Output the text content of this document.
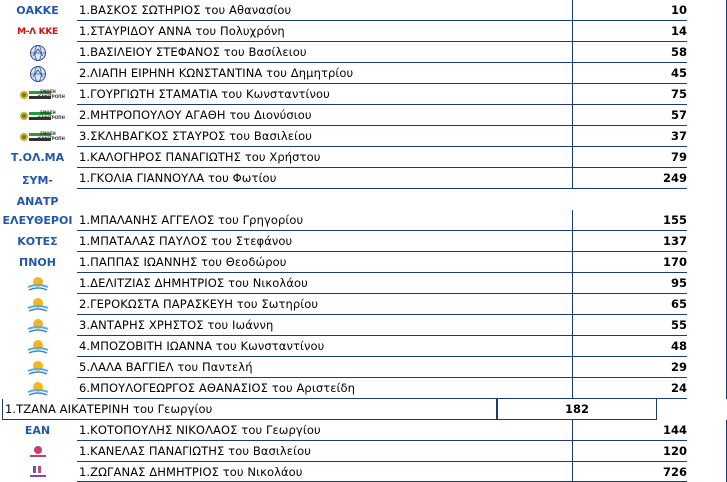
ΟΑΚΚΕ	1.ΒΑΣΚΟΣ ΣΩΤΗΡΙΟΣ του Αθανασίου	10
Μ-Λ ΚΚΕ 1.ΣΤΑΥΡΙΔΟΥ ΑΝΝΑ του Πολυχρόνη	14
1.ΒΑΣΙΛΕΙΟΥ ΣΤΕΦΑΝΟΣ του Βασίλειου	58
2.ΛΙΑΠΗ ΕΙΡΗΝΗ ΚΩΝΣΤΑΝΤΙΝΑ του Δημητρίου	45
ΕΝΩΣΗ ΚΑΝΙΤΡΟΠΗ 1.ΓΟΥΡΓΙΩΤΗ ΣΤΑΜΑΤΙΑ του Κωνσταντίνου	75
ΕΝΩΣΗ ΚΑΝΙΤΡΟΠΗ 2.ΜΗΤΡΟΠΟΥΛΟΥ ΑΓΑΘΗ του Διονύσιου	57
ΕΝΩΣΗ ΚΑΝΙΤΡΟΠΗ 3.ΣΚΛΗΒΑΓΚΟΣ ΣΤΑΥΡΟΣ του Βασιλείου	37
Τ.ΟΛ.ΜΑ	1.ΚΑΛΟΓΗΡΟΣ ΠΑΝΑΓΙΩΤΗΣ του Χρήστου	79
ΣΥΜ-
ΑΝΑΤΡ
1.ΓΚΟΛΙΑ ΓΙΑΝΝΟΥΛΑ του Φωτίου	249
ΕΛΕΥΘΕΡΟΙ 1.ΜΠΑΛΑΝΗΣ ΑΓΓΕΛΟΣ του Γρηγορίου	155
ΚΟΤΕΣ	1.ΜΠΑΤΑΛΑΣ ΠΑΥΛΟΣ του Στεφάνου	137
ΠΝΟΗ	1.ΠΑΠΠΑΣ ΙΩΑΝΝΗΣ του Θεοδώρου	170
1.ΔΕΛΙΤΖΙΑΣ ΔΗΜΗΤΡΙΟΣ του Νικολάου	95
2.ΓΕΡΟΚΩΣΤΑ ΠΑΡΑΣΚΕΥΗ του Σωτηρίου	65
3.ΑΝΤΑΡΗΣ ΧΡΗΣΤΟΣ του Ιωάννη	55
4.ΜΠΟΖΟΒΙΤΗ ΙΩΑΝΝΑ του Κωνσταντίνου	48
5.ΛΑΛΑ ΒΑΓΓΙΕΛ του Παντελή	29
6.ΜΠΟΥΛΟΓΕΩΡΓΟΣ ΑΘΑΝΑΣΙΟΣ του Αριστείδη	24
1.ΤΖΑΝΑ ΑΙΚΑΤΕΡΙΝΗ του Γεωργίου	182
ΕΑΝ	1.ΚΟΤΟΠΟΥΛΗΣ ΝΙΚΟΛΑΟΣ του Γεωργίου	144
1.ΚΑΝΕΛΑΣ ΠΑΝΑΓΙΩΤΗΣ του Βασιλείου	120
1.ΖΩΓΑΝΑΣ ΔΗΜΗΤΡΙΟΣ του Νικολάου	726
